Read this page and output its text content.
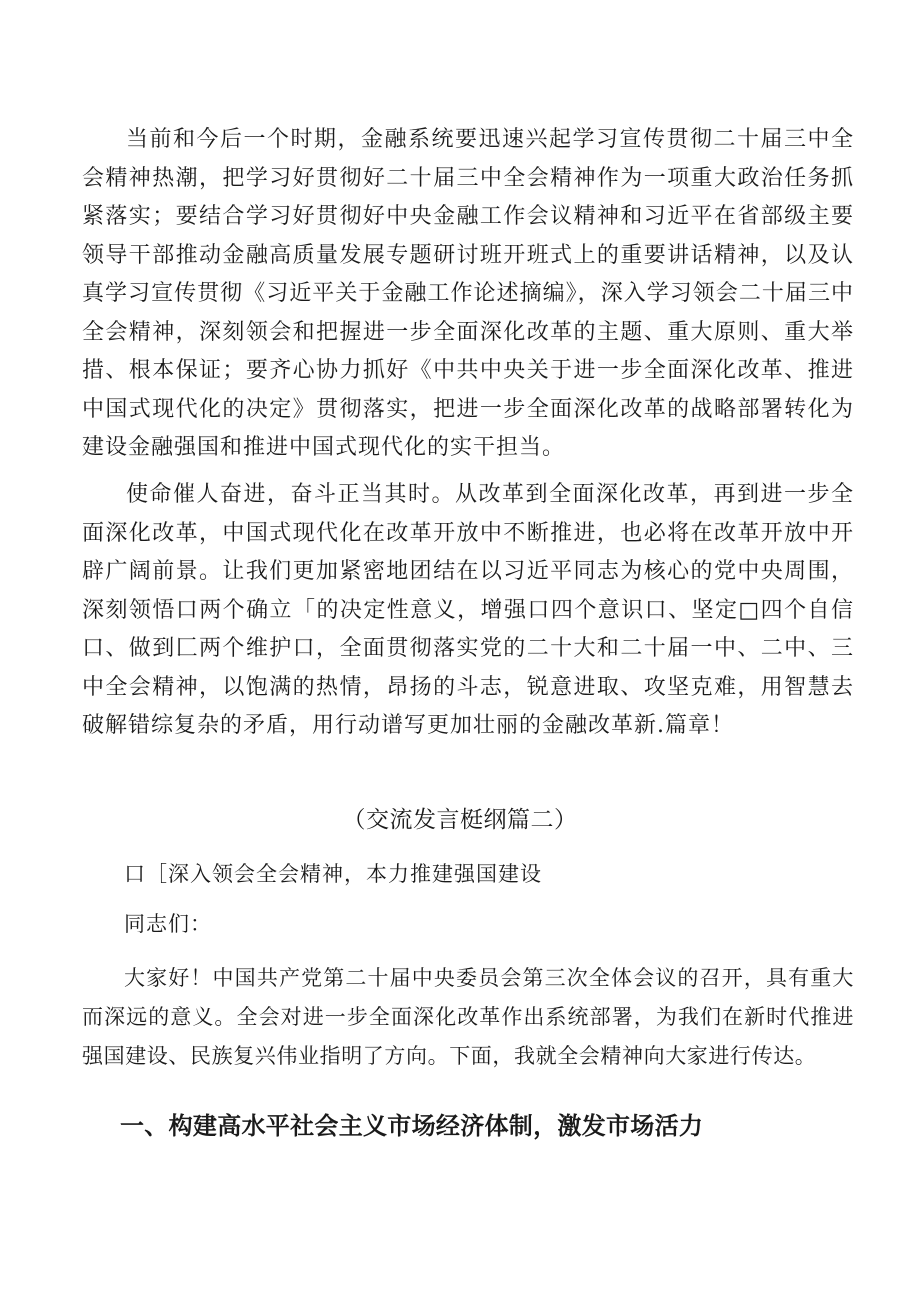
当前和今后一个时期，金融系统要迅速兴起学习宣传贯彻二十届三中全会精神热潮，把学习好贯彻好二十届三中全会精神作为一项重大政治任务抓紧落实；要结合学习好贯彻好中央金融工作会议精神和习近平在省部级主要领导干部推动金融高质量发展专题研讨班开班式上的重要讲话精神，以及认真学习宣传贯彻《习近平关于金融工作论述摘编》，深入学习领会二十届三中全会精神，深刻领会和把握进一步全面深化改革的主题、重大原则、重大举措、根本保证；要齐心协力抓好《中共中央关于进一步全面深化改革、推进中国式现代化的决定》贯彻落实，把进一步全面深化改革的战略部署转化为建设金融强国和推进中国式现代化的实干担当。

使命催人奋进，奋斗正当其时。从改革到全面深化改革，再到进一步全面深化改革，中国式现代化在改革开放中不断推进，也必将在改革开放中开辟广阔前景。让我们更加紧密地团结在以习近平同志为核心的党中央周围，深刻领悟口两个确立「的决定性意义，增强口四个意识口、坚定□四个自信口、做到匚两个维护口，全面贯彻落实党的二十大和二十届一中、二中、三中全会精神，以饱满的热情，昂扬的斗志，锐意进取、攻坚克难，用智慧去破解错综复杂的矛盾，用行动谱写更加壮丽的金融改革新.篇章！

（交流发言梃纲篇二）

口［深入领会全会精神，本力推建强国建设

同志们：

大家好！中国共产党第二十届中央委员会第三次全体会议的召开，具有重大而深远的意义。全会对进一步全面深化改革作出系统部署，为我们在新时代推进强国建设、民族复兴伟业指明了方向。下面，我就全会精神向大家进行传达。

一、构建高水平社会主义市场经济体制，激发市场活力
